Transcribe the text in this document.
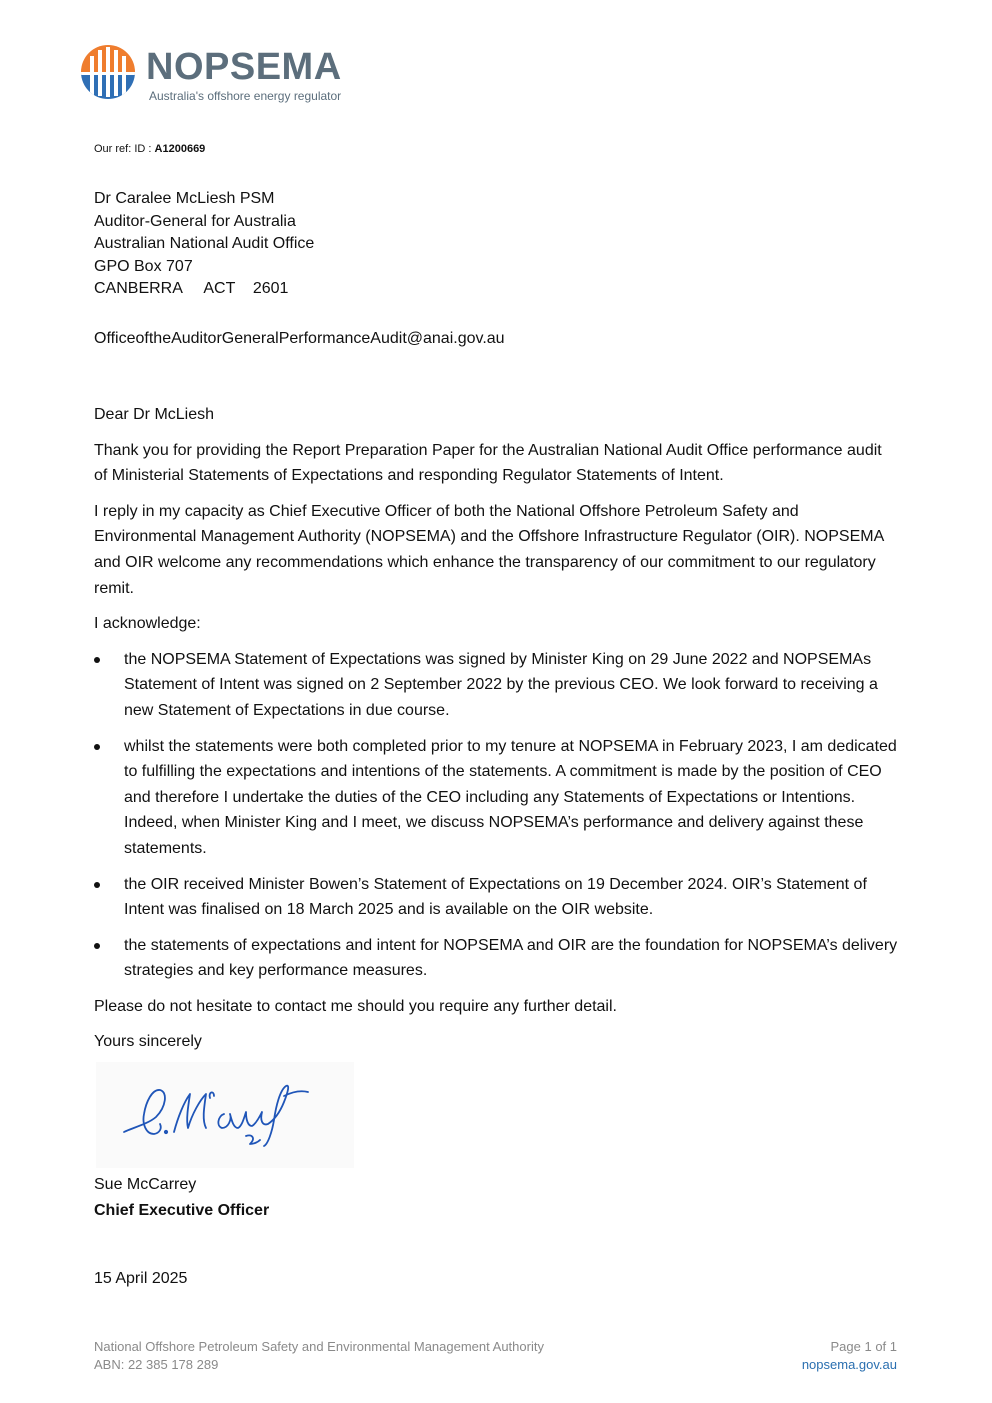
NOPSEMA
Australia's offshore energy regulator
Our ref: ID : A1200669
Dr Caralee McLiesh PSM
Auditor-General for Australia
Australian National Audit Office
GPO Box 707
CANBERRA     ACT    2601
OfficeoftheAuditorGeneralPerformanceAudit@anai.gov.au

Dear Dr McLiesh

Thank you for providing the Report Preparation Paper for the Australian National Audit Office performance audit of Ministerial Statements of Expectations and responding Regulator Statements of Intent.

I reply in my capacity as Chief Executive Officer of both the National Offshore Petroleum Safety and Environmental Management Authority (NOPSEMA) and the Offshore Infrastructure Regulator (OIR). NOPSEMA and OIR welcome any recommendations which enhance the transparency of our commitment to our regulatory remit.

I acknowledge:

the NOPSEMA Statement of Expectations was signed by Minister King on 29 June 2022 and NOPSEMAs Statement of Intent was signed on 2 September 2022 by the previous CEO. We look forward to receiving a new Statement of Expectations in due course.
whilst the statements were both completed prior to my tenure at NOPSEMA in February 2023, I am dedicated to fulfilling the expectations and intentions of the statements. A commitment is made by the position of CEO and therefore I undertake the duties of the CEO including any Statements of Expectations or Intentions. Indeed, when Minister King and I meet, we discuss NOPSEMA’s performance and delivery against these statements.
the OIR received Minister Bowen’s Statement of Expectations on 19 December 2024. OIR’s Statement of Intent was finalised on 18 March 2025 and is available on the OIR website.
the statements of expectations and intent for NOPSEMA and OIR are the foundation for NOPSEMA’s delivery strategies and key performance measures.

Please do not hesitate to contact me should you require any further detail.

Yours sincerely

Sue McCarrey
Chief Executive Officer
15 April 2025
National Offshore Petroleum Safety and Environmental Management Authority
ABN: 22 385 178 289
Page 1 of 1
nopsema.gov.au
